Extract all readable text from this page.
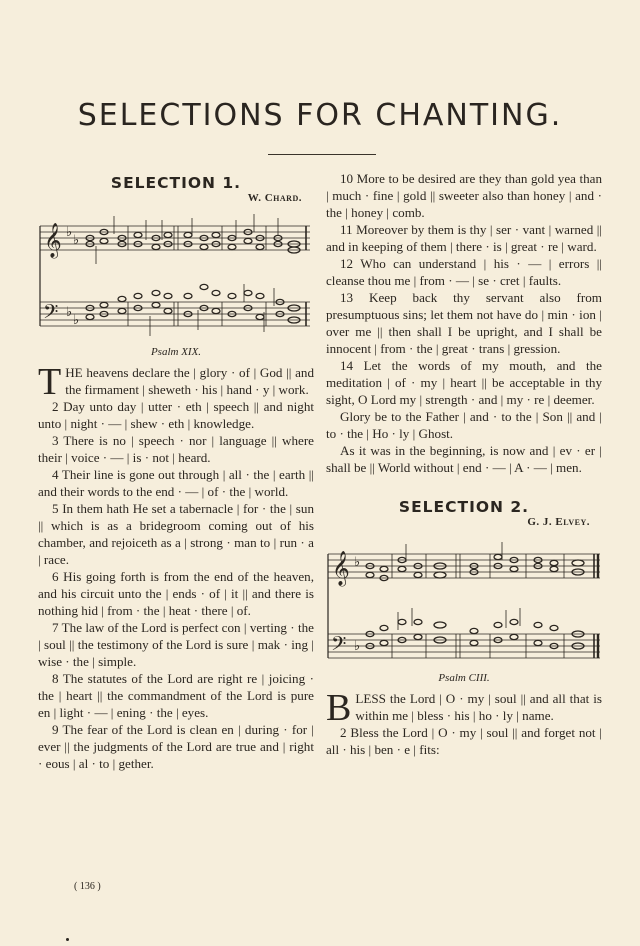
SELECTIONS FOR CHANTING.
SELECTION 1.
W. Chard.
𝄞
𝄢
♭
♭
♭
♭
Psalm XIX.

THE heavens declare the | glory · of | God || and the firmament | sheweth · his | hand · y | work.

2 Day unto day | utter · eth | speech || and night unto | night · — | shew · eth | knowledge.

3 There is no | speech · nor | language || where their | voice · — | is · not | heard.

4 Their line is gone out through | all · the | earth || and their words to the end · — | of · the | world.

5 In them hath He set a tabernacle | for · the | sun || which is as a bridegroom coming out of his chamber, and rejoiceth as a | strong · man to | run · a | race.

6 His going forth is from the end of the heaven, and his circuit unto the | ends · of | it || and there is nothing hid | from · the | heat · there | of.

7 The law of the Lord is perfect con | verting · the | soul || the testimony of the Lord is sure | mak · ing | wise · the | simple.

8 The statutes of the Lord are right re | joicing · the | heart || the commandment of the Lord is pure en | light · — | ening · the | eyes.

9 The fear of the Lord is clean en | during · for | ever || the judgments of the Lord are true and | right · eous | al · to | gether.

10 More to be desired are they than gold yea than | much · fine | gold || sweeter also than honey | and · the | honey | comb.

11 Moreover by them is thy | ser · vant | warned || and in keeping of them | there · is | great · re | ward.

12 Who can understand | his · — | errors || cleanse thou me | from · — | se · cret | faults.

13 Keep back thy servant also from presumptuous sins; let them not have do | min · ion | over me || then shall I be upright, and I shall be innocent | from · the | great · trans | gression.

14 Let the words of my mouth, and the meditation | of · my | heart || be acceptable in thy sight, O Lord my | strength · and | my · re | deemer.

Glory be to the Father | and · to the | Son || and | to · the | Ho · ly | Ghost.

As it was in the beginning, is now and | ev · er | shall be || World without | end · — | A · — | men.

SELECTION 2.
G. J. Elvey.
𝄞
𝄢
♭
♭
Psalm CIII.

BLESS the Lord | O · my | soul || and all that is within me | bless · his | ho · ly | name.

2 Bless the Lord | O · my | soul || and forget not | all · his | ben · e | fits:

( 136 )
